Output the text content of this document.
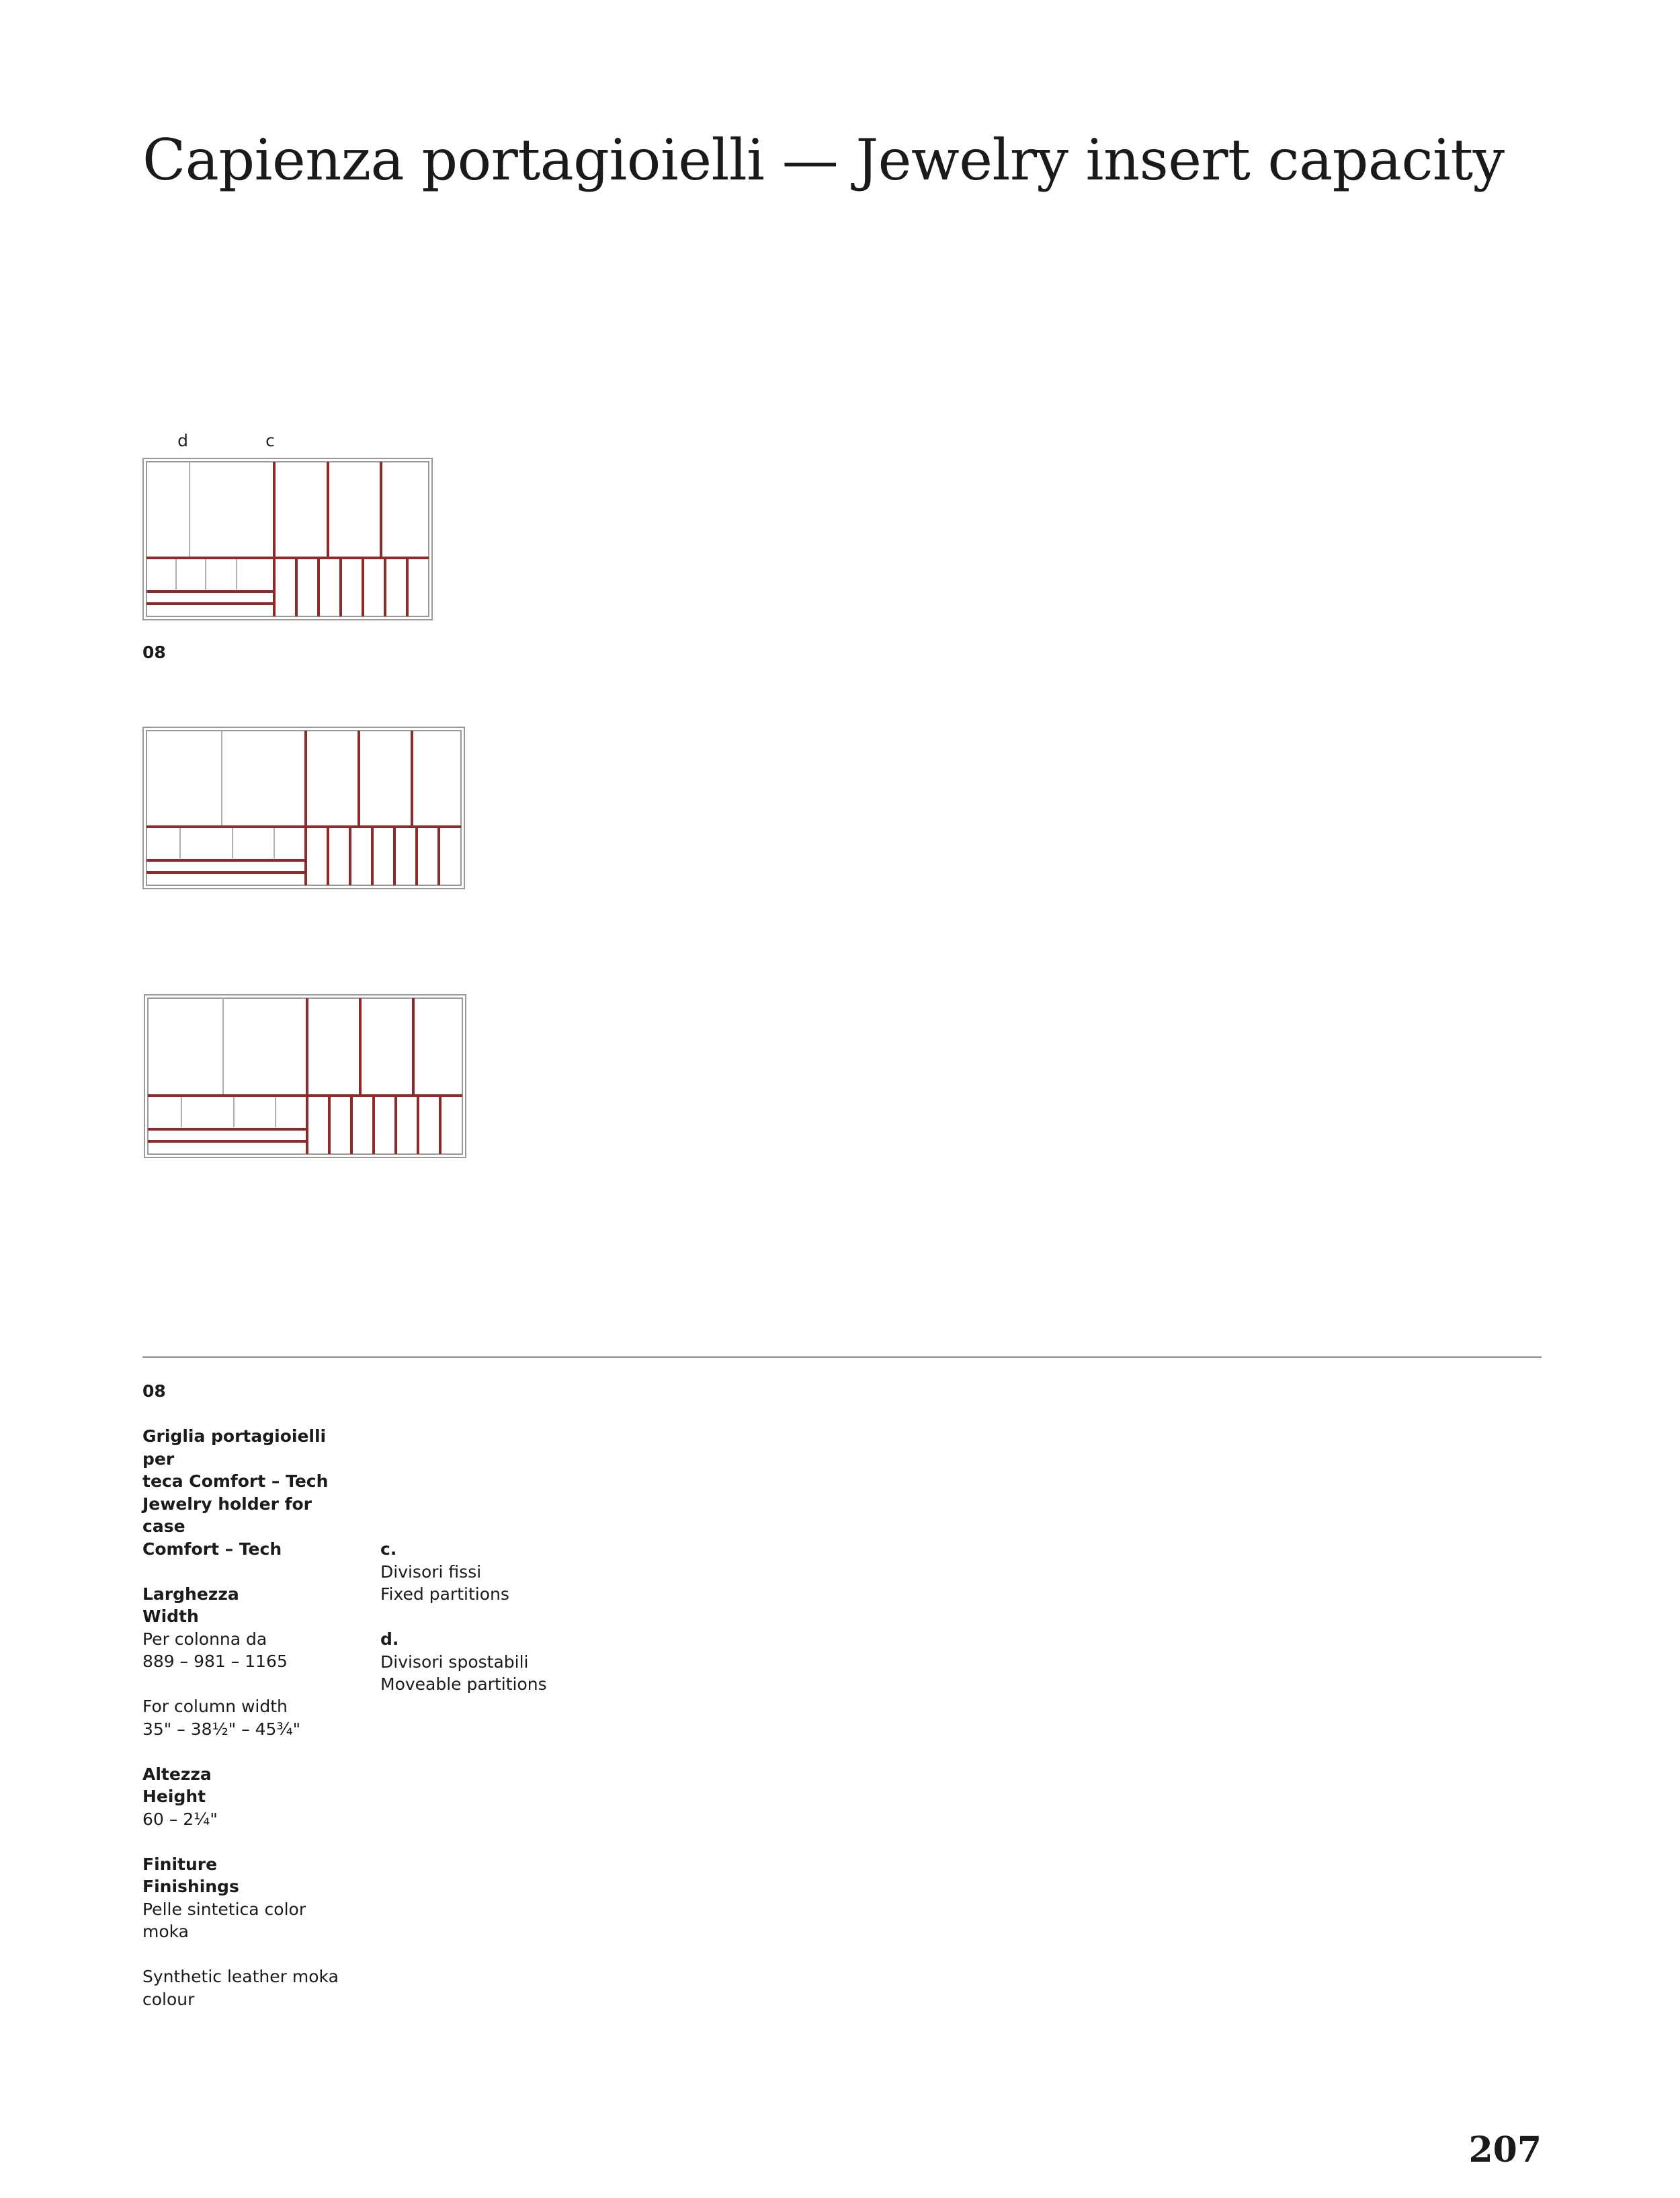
Capienza portagioielli — Jewelry insert capacity
d	c
08
08
Griglia portagioielli per
teca Comfort – Tech
Jewelry holder for case
Comfort – Tech
Larghezza
Width
Per colonna da
889 – 981 – 1165
For column width
35" – 38½" – 45¾"
Altezza
Height
60 – 2¼"
Finiture
Finishings
Pelle sintetica color
moka
Synthetic leather moka
colour
c.
Divisori fissi
Fixed partitions
d.
Divisori spostabili
Moveable partitions
207
